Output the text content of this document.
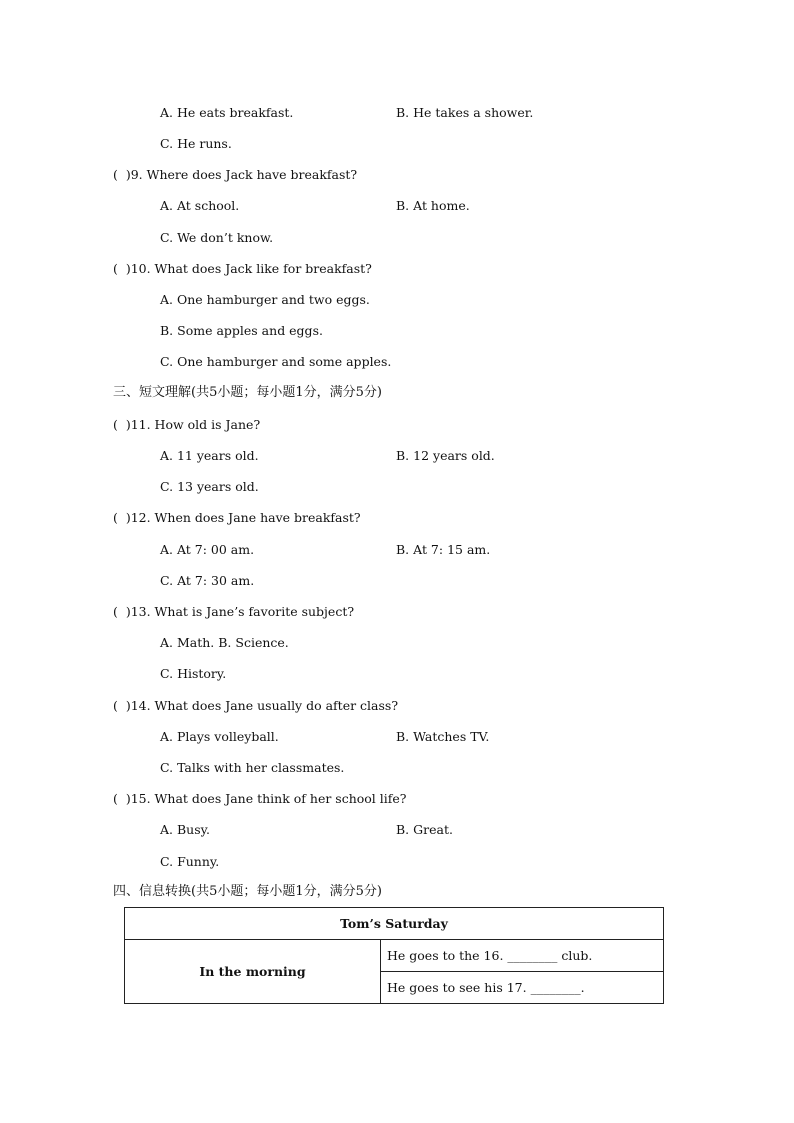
A. He eats breakfast.	B. He takes a shower.
C. He runs.
(  )9. Where does Jack have breakfast?
A. At school.	B. At home.
C. We don’t know.
(  )10. What does Jack like for breakfast?
A. One hamburger and two eggs.
B. Some apples and eggs.
C. One hamburger and some apples.
三、短文理解(共5小题；每小题1分，满分5分)
(  )11. How old is Jane?
A. 11 years old.	B. 12 years old.
C. 13 years old.
(  )12. When does Jane have breakfast?
A. At 7: 00 am.	B. At 7: 15 am.
C. At 7: 30 am.
(  )13. What is Jane’s favorite subject?
A. Math. B. Science.
C. History.
(  )14. What does Jane usually do after class?
A. Plays volleyball.	B. Watches TV.
C. Talks with her classmates.
(  )15. What does Jane think of her school life?
A. Busy.	B. Great.
C. Funny.
四、信息转换(共5小题；每小题1分，满分5分)
Tom’s Saturday
In the morning	He goes to the 16. ________ club.
He goes to see his 17. ________.
